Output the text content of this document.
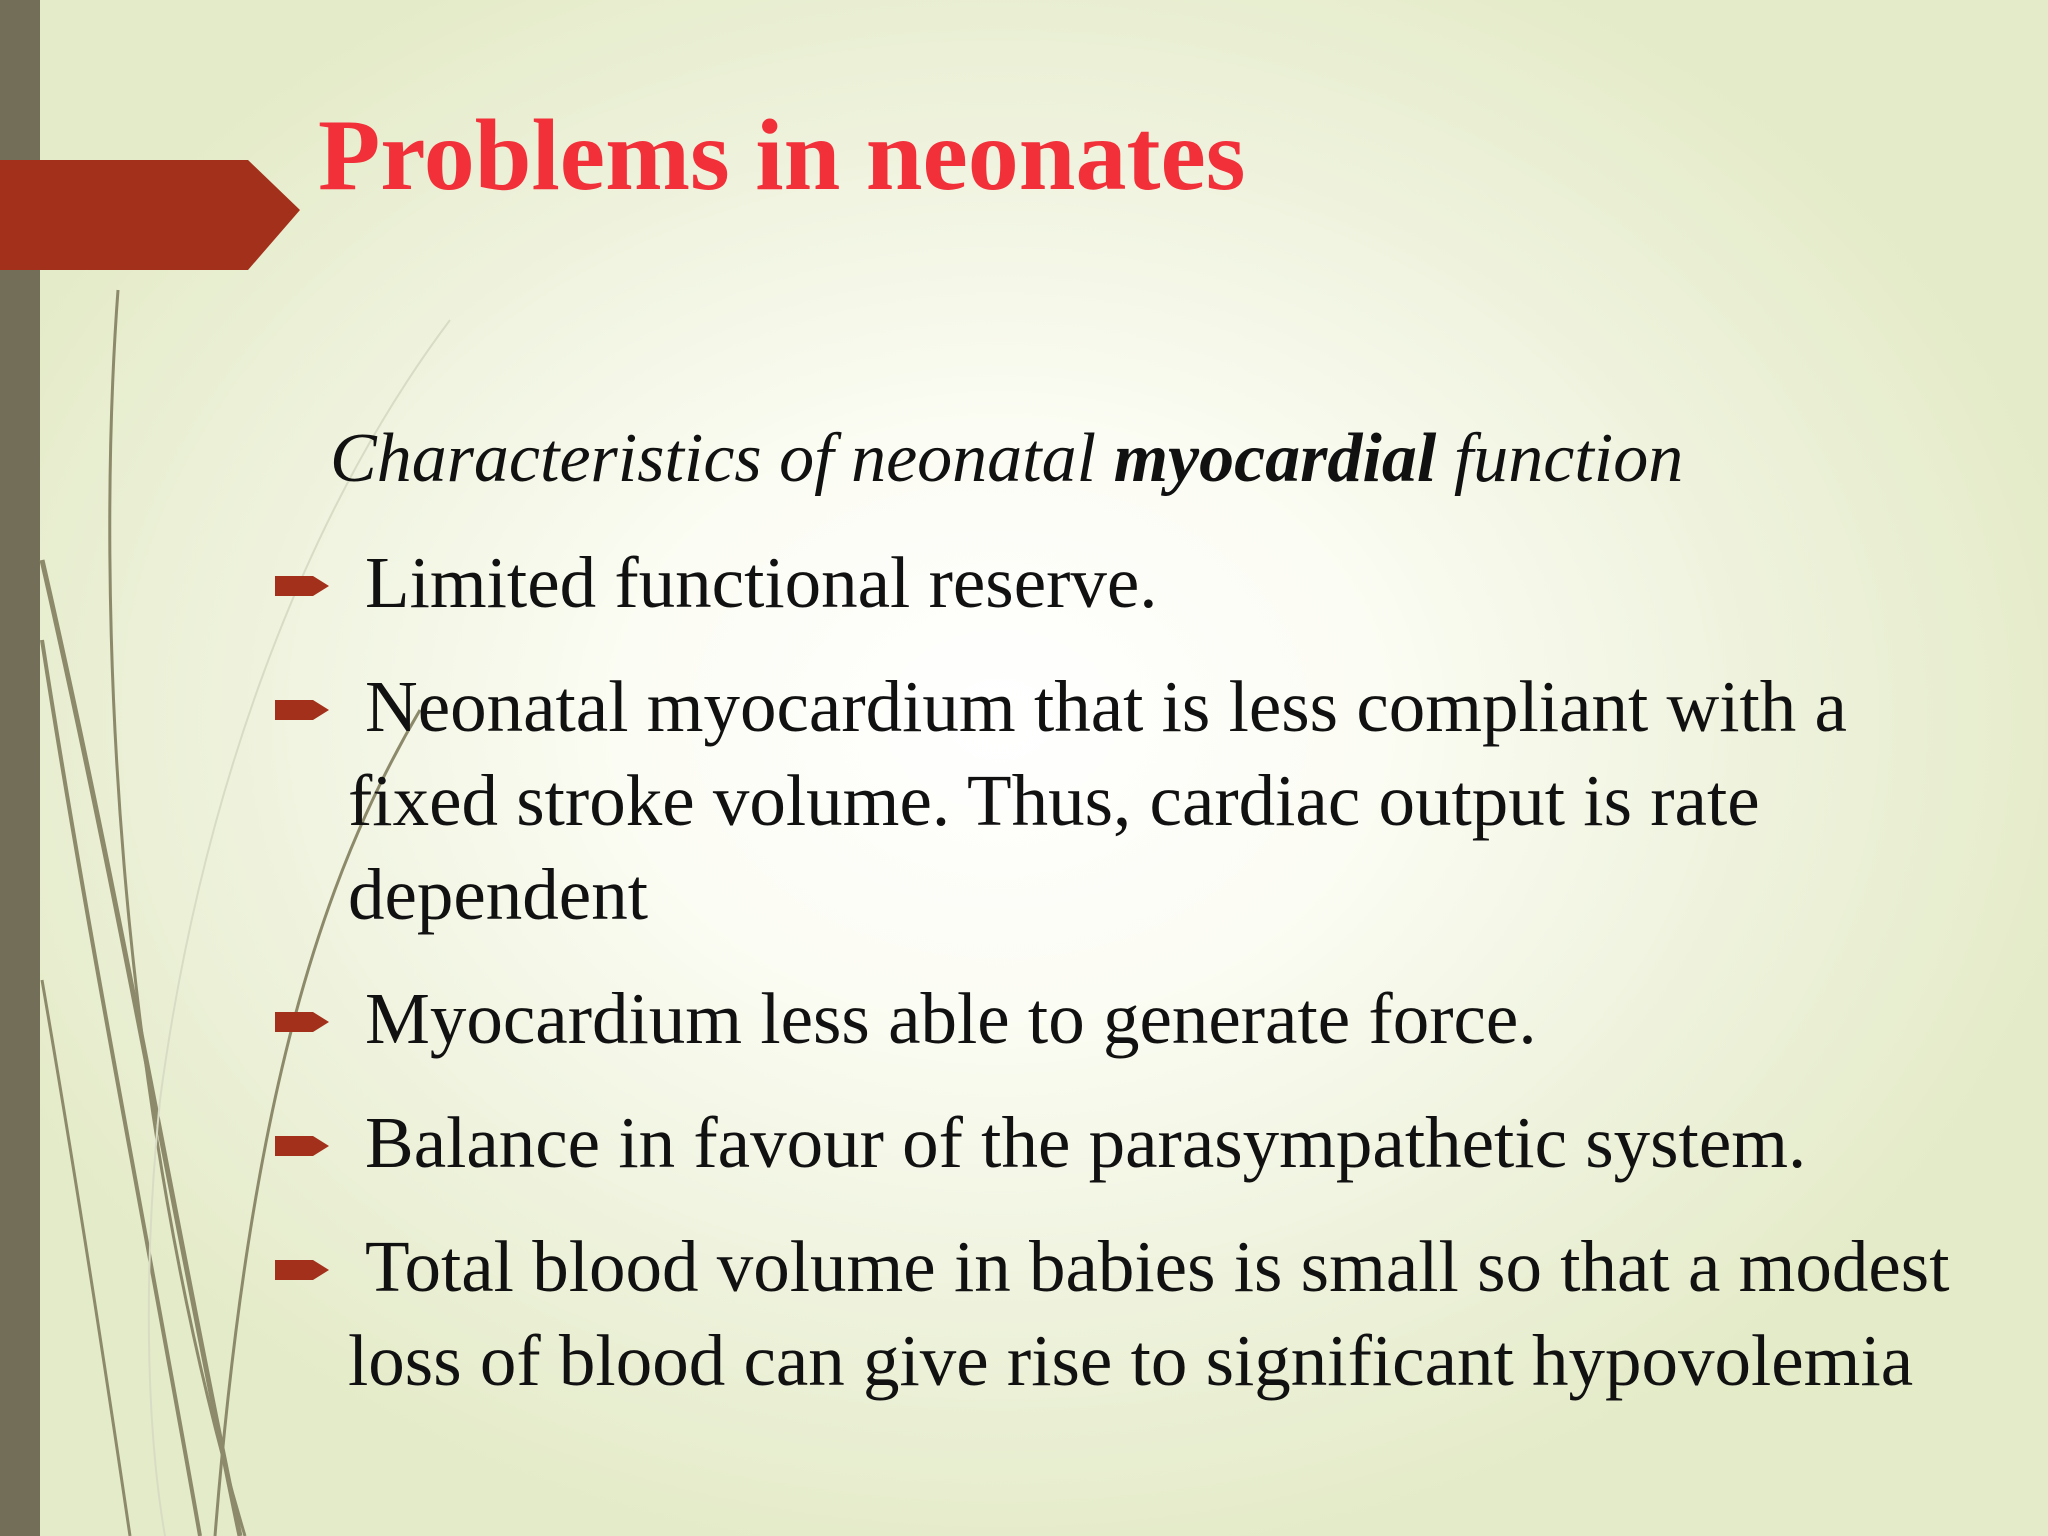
Problems in neonates
Characteristics of neonatal myocardial function
Limited functional reserve.
Neonatal myocardium that is less compliant with a fixed stroke volume. Thus, cardiac output is rate dependent
Myocardium less able to generate force.
Balance in favour of the parasympathetic system.
Total blood volume in babies is small so that a modest loss of blood can give rise to significant hypovolemia
